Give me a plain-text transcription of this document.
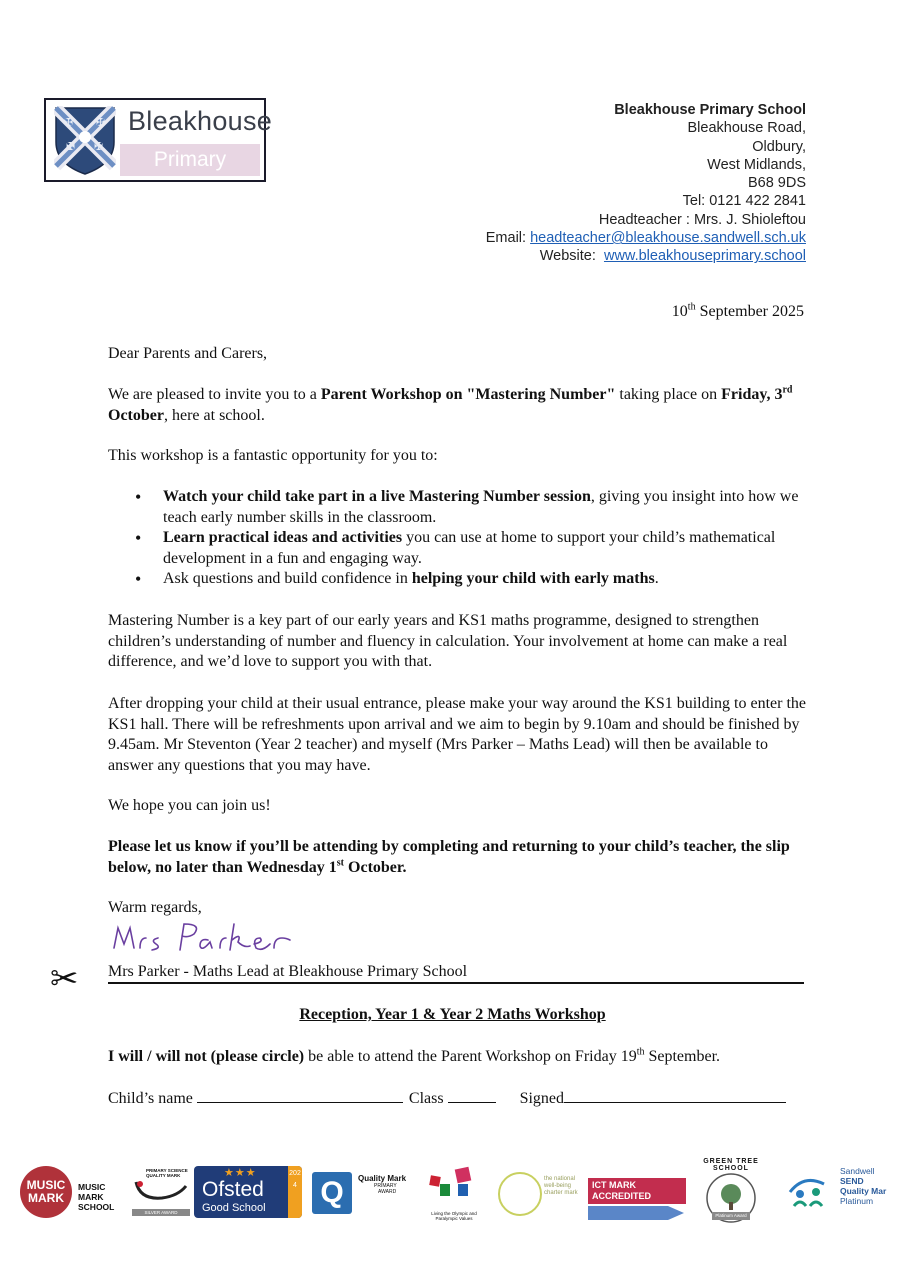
✠ ✠
✠ ✠
Bleakhouse
Primary School
Bleakhouse Primary School
Bleakhouse Road,
Oldbury,
West Midlands,
B68 9DS
Tel: 0121 422 2841
Headteacher : Mrs. J. Shioleftou
Email: headteacher@bleakhouse.sandwell.sch.uk
Website: www.bleakhouseprimary.school
10th September 2025
Dear Parents and Carers,
We are pleased to invite you to a Parent Workshop on "Mastering Number" taking place on Friday, 3rd October, here at school.
This workshop is a fantastic opportunity for you to:
• Watch your child take part in a live Mastering Number session, giving you insight into how we teach early number skills in the classroom.
• Learn practical ideas and activities you can use at home to support your child’s mathematical development in a fun and engaging way.
• Ask questions and build confidence in helping your child with early maths.
Mastering Number is a key part of our early years and KS1 maths programme, designed to strengthen children’s understanding of number and fluency in calculation. Your involvement at home can make a real difference, and we’d love to support you with that.
After dropping your child at their usual entrance, please make your way around the KS1 building to enter the KS1 hall. There will be refreshments upon arrival and we aim to begin by 9.10am and should be finished by 9.45am. Mr Steventon (Year 2 teacher) and myself (Mrs Parker – Maths Lead) will then be available to answer any questions that you may have.
We hope you can join us!
Please let us know if you’ll be attending by completing and returning to your child’s teacher, the slip below, no later than Wednesday 1st October.
Warm regards,
Mrs Parker - Maths Lead at Bleakhouse Primary School
✂
Reception, Year 1 & Year 2 Maths Workshop
I will / will not (please circle) be able to attend the Parent Workshop on Friday 19th September.
Child’s name	Class	Signed
MUSIC MARK
MUSIC MARK SCHOOL
PRIMARY SCIENCE QUALITY MARK
SILVER AWARD
★★★
Ofsted
Good School
2024 Q	Quality Mark
PRIMARY
AWARD
Living the Olympic and Paralympic Values
the national well-being charter mark
ICT MARK ACCREDITED
GREEN TREE SCHOOL
Platinum Award
Sandwell
SEND
Quality Mar
Platinum
